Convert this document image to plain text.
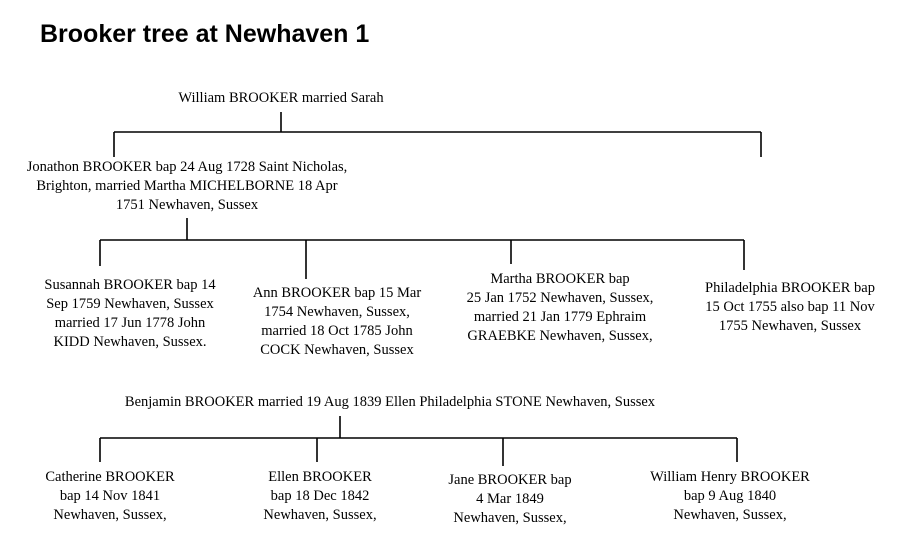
Brooker tree at Newhaven 1
William BROOKER married Sarah
Jonathon BROOKER bap 24 Aug 1728 Saint Nicholas,
Brighton, married Martha MICHELBORNE 18 Apr
1751 Newhaven, Sussex
Susannah BROOKER bap 14
Sep 1759 Newhaven, Sussex
married 17 Jun 1778 John
KIDD Newhaven, Sussex.
Ann BROOKER bap 15 Mar
1754 Newhaven, Sussex,
married 18 Oct 1785 John
COCK Newhaven, Sussex
Martha BROOKER bap
25 Jan 1752 Newhaven, Sussex,
married 21 Jan 1779 Ephraim
GRAEBKE Newhaven, Sussex,
Philadelphia BROOKER bap
15 Oct 1755 also bap 11 Nov
1755 Newhaven, Sussex
Benjamin BROOKER married 19 Aug 1839 Ellen Philadelphia STONE Newhaven, Sussex
Catherine BROOKER
bap 14 Nov 1841
Newhaven, Sussex,
Ellen BROOKER
bap 18 Dec 1842
Newhaven, Sussex,
Jane BROOKER bap
4 Mar 1849
Newhaven, Sussex,
William Henry BROOKER
bap 9 Aug 1840
Newhaven, Sussex,
